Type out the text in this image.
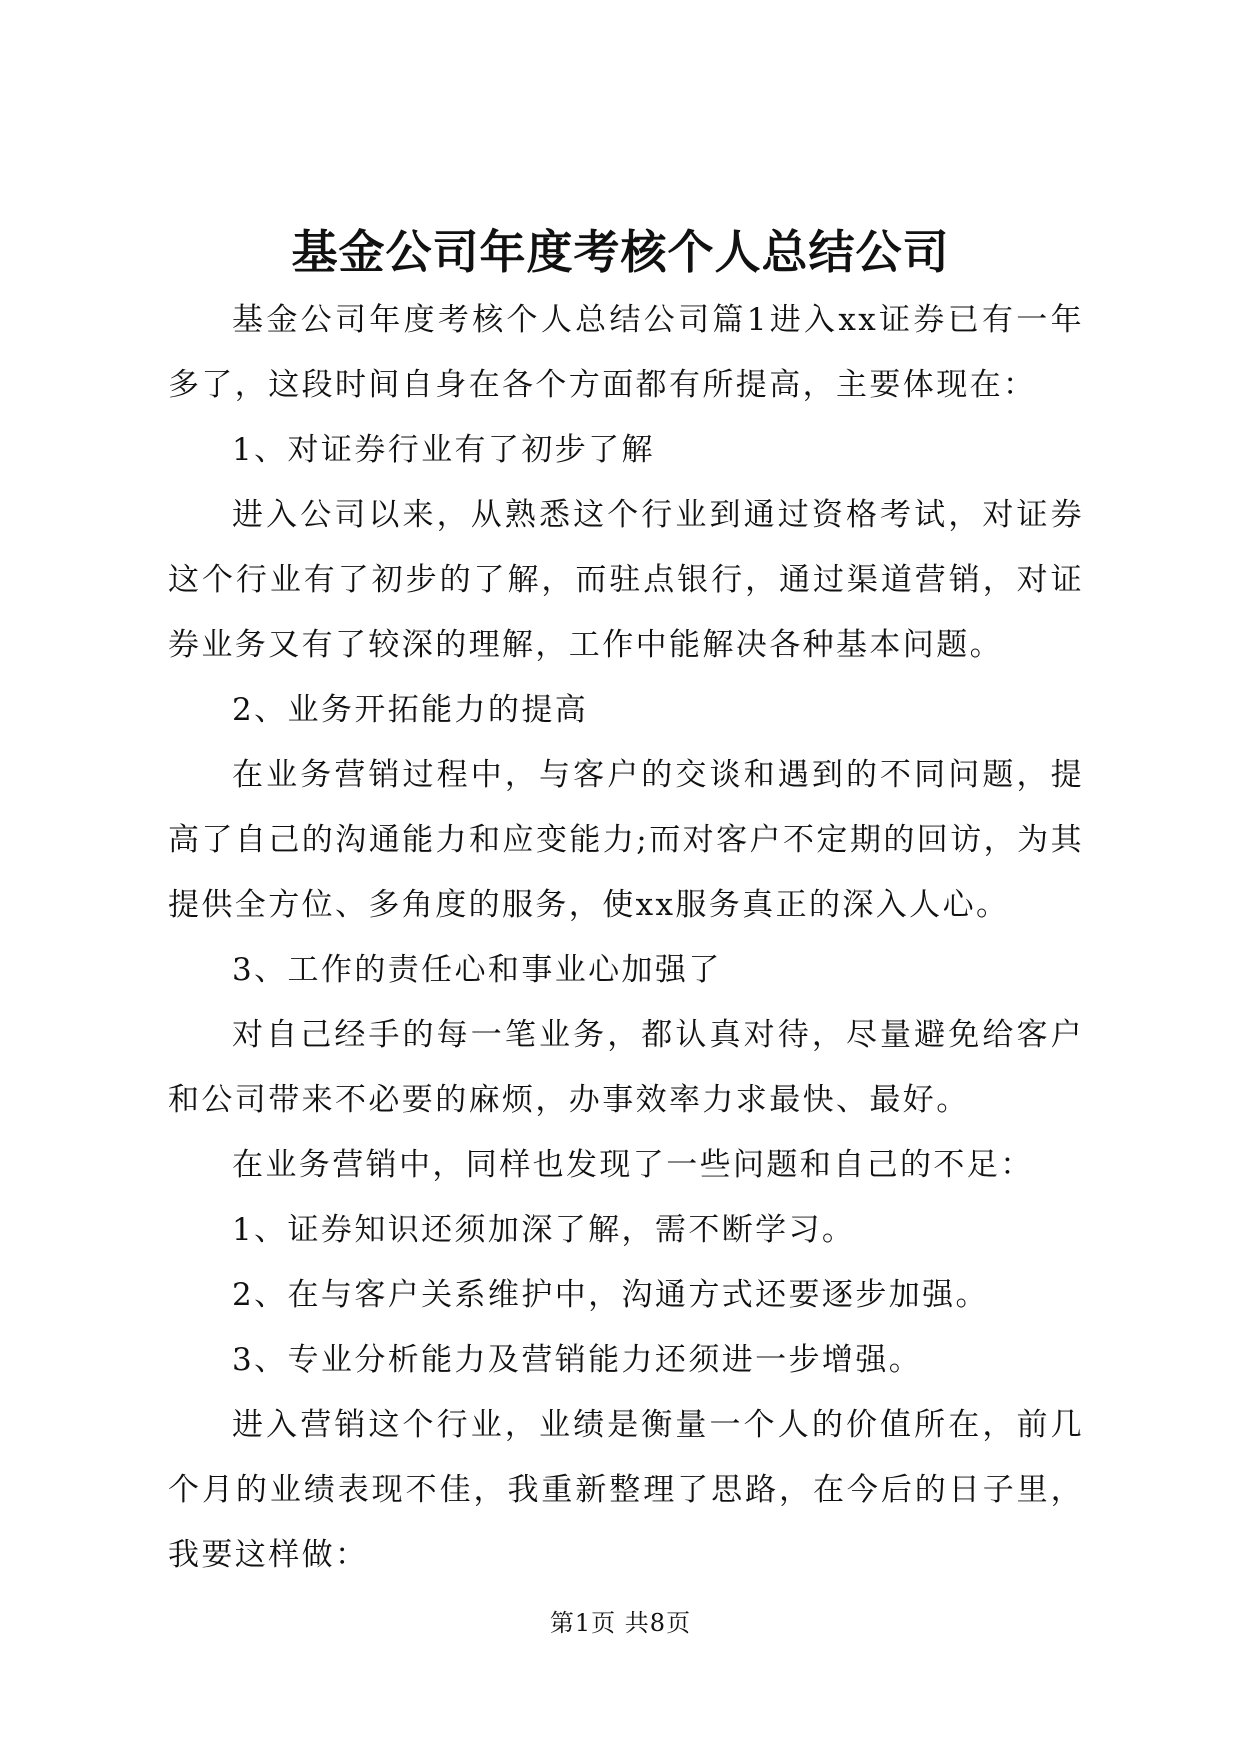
基金公司年度考核个人总结公司

基金公司年度考核个人总结公司篇1进入xx证券已有一年多了，这段时间自身在各个方面都有所提高，主要体现在：

1、对证券行业有了初步了解

进入公司以来，从熟悉这个行业到通过资格考试，对证券这个行业有了初步的了解，而驻点银行，通过渠道营销，对证券业务又有了较深的理解，工作中能解决各种基本问题。

2、业务开拓能力的提高

在业务营销过程中，与客户的交谈和遇到的不同问题，提高了自己的沟通能力和应变能力;而对客户不定期的回访，为其提供全方位、多角度的服务，使xx服务真正的深入人心。

3、工作的责任心和事业心加强了

对自己经手的每一笔业务，都认真对待，尽量避免给客户和公司带来不必要的麻烦，办事效率力求最快、最好。

在业务营销中，同样也发现了一些问题和自己的不足：

1、证券知识还须加深了解，需不断学习。

2、在与客户关系维护中，沟通方式还要逐步加强。

3、专业分析能力及营销能力还须进一步增强。

进入营销这个行业，业绩是衡量一个人的价值所在，前几个月的业绩表现不佳，我重新整理了思路，在今后的日子里，我要这样做：

第1页 共8页
